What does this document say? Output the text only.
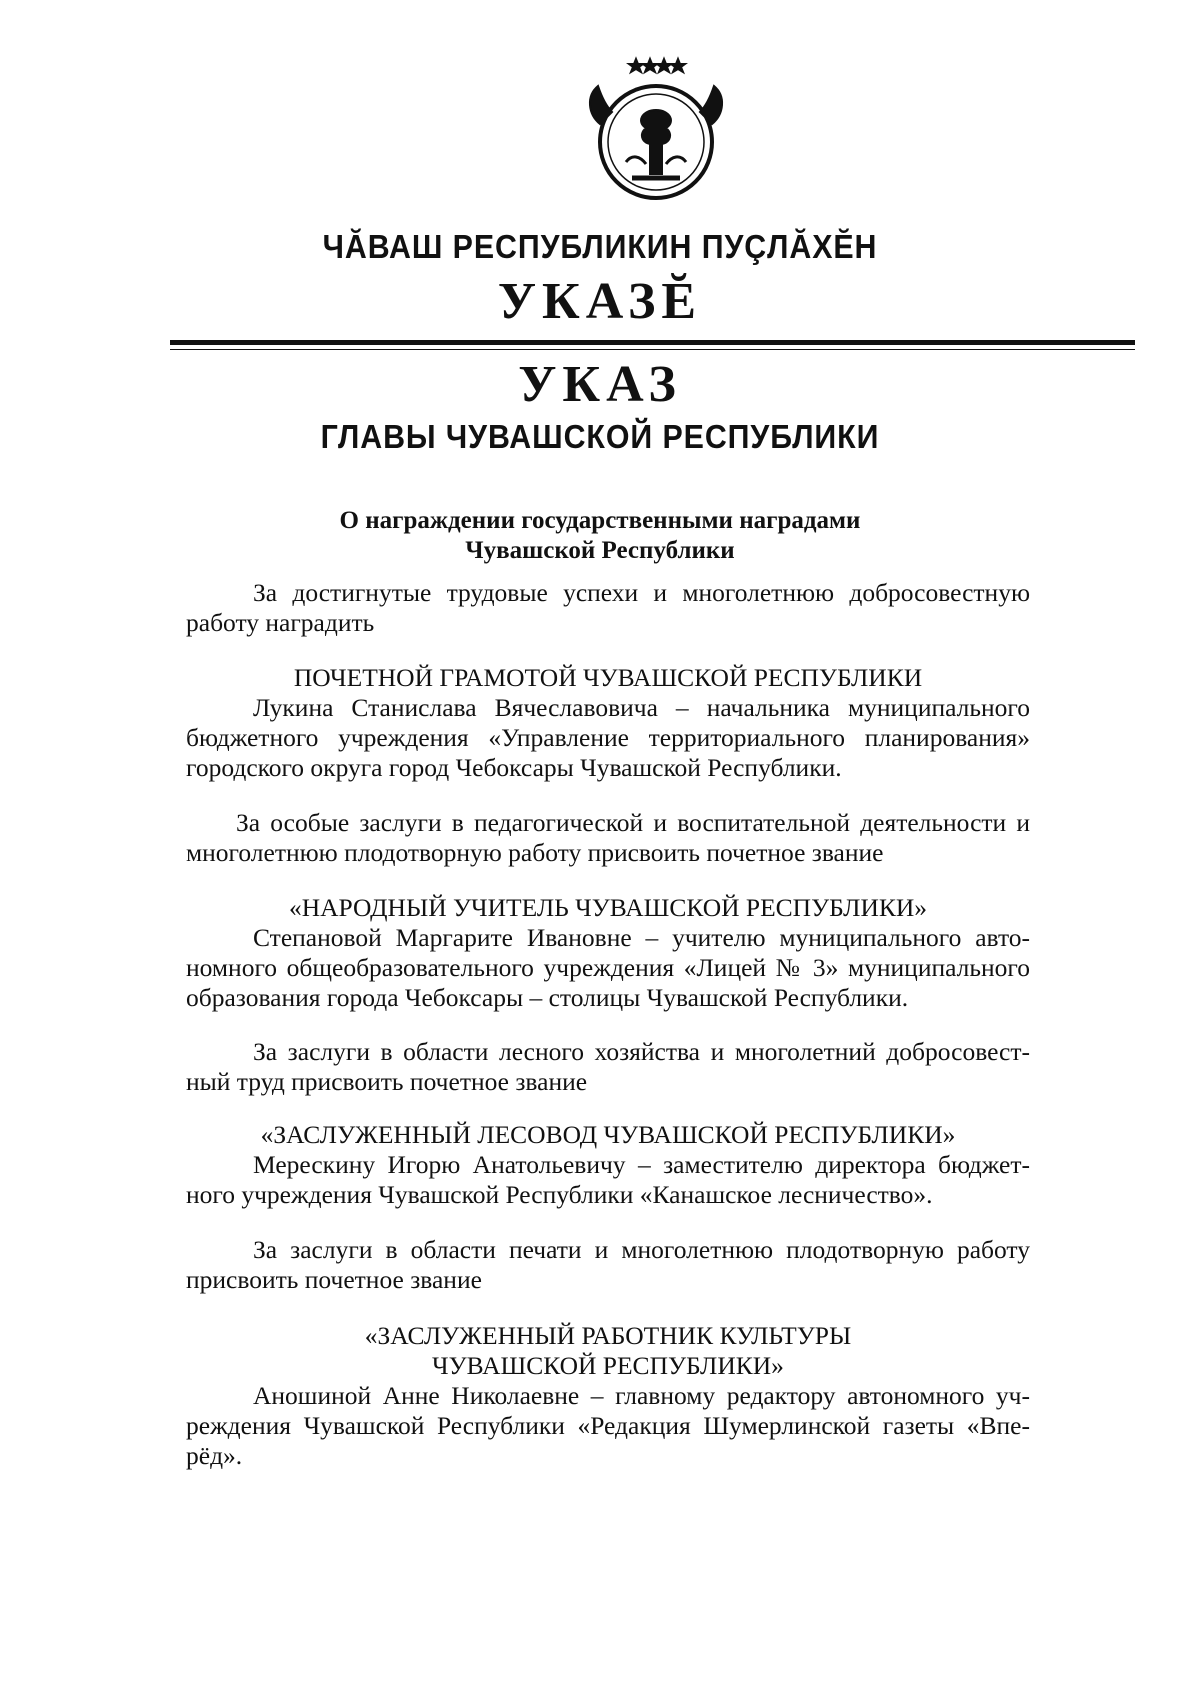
ЧĂВАШ РЕСПУБЛИКИН ПУÇЛĂХĔН
УКАЗĔ
УКАЗ
ГЛАВЫ ЧУВАШСКОЙ РЕСПУБЛИКИ
О награждении государственными наградами
Чувашской Республики
За достигнутые трудовые успехи и многолетнюю добросовестную
работу наградить
ПОЧЕТНОЙ ГРАМОТОЙ ЧУВАШСКОЙ РЕСПУБЛИКИ
Лукина Станислава Вячеславовича – начальника муниципального
бюджетного учреждения «Управление территориального планирования»
городского округа город Чебоксары Чувашской Республики.
За особые заслуги в педагогической и воспитательной деятельности и
многолетнюю плодотворную работу присвоить почетное звание
«НАРОДНЫЙ УЧИТЕЛЬ ЧУВАШСКОЙ РЕСПУБЛИКИ»
Степановой Маргарите Ивановне – учителю муниципального авто-
номного общеобразовательного учреждения «Лицей № 3» муниципального
образования города Чебоксары – столицы Чувашской Республики.
За заслуги в области лесного хозяйства и многолетний добросовест-
ный труд присвоить почетное звание
«ЗАСЛУЖЕННЫЙ ЛЕСОВОД ЧУВАШСКОЙ РЕСПУБЛИКИ»
Мерескину Игорю Анатольевичу – заместителю директора бюджет-
ного учреждения Чувашской Республики «Канашское лесничество».
За заслуги в области печати и многолетнюю плодотворную работу
присвоить почетное звание
«ЗАСЛУЖЕННЫЙ РАБОТНИК КУЛЬТУРЫ
ЧУВАШСКОЙ РЕСПУБЛИКИ»
Аношиной Анне Николаевне – главному редактору автономного уч-
реждения Чувашской Республики «Редакция Шумерлинской газеты «Впе-
рёд».
